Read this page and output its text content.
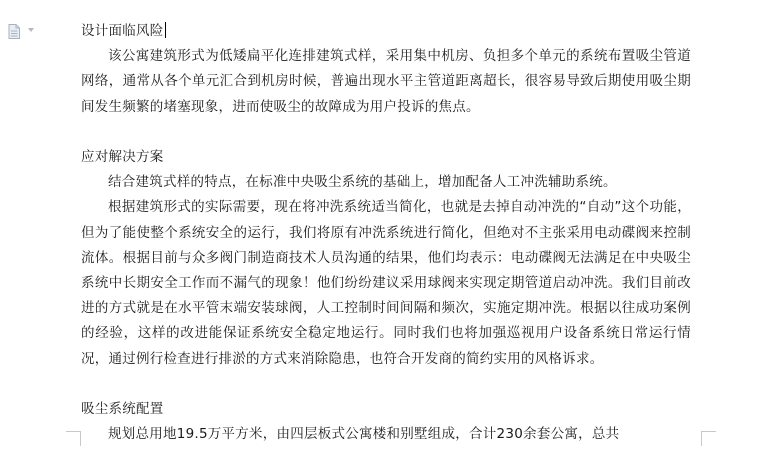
设计面临风险

该公寓建筑形式为低矮扁平化连排建筑式样，采用集中机房、负担多个单元的系统布置吸尘管道网络，通常从各个单元汇合到机房时候，普遍出现水平主管道距离超长，很容易导致后期使用吸尘期间发生频繁的堵塞现象，进而使吸尘的故障成为用户投诉的焦点。

应对解决方案

结合建筑式样的特点，在标准中央吸尘系统的基础上，增加配备人工冲洗辅助系统。

根据建筑形式的实际需要，现在将冲洗系统适当简化，也就是去掉自动冲洗的“自动”这个功能，但为了能使整个系统安全的运行，我们将原有冲洗系统进行简化，但绝对不主张采用电动碟阀来控制流体。根据目前与众多阀门制造商技术人员沟通的结果，他们均表示：电动碟阀无法满足在中央吸尘系统中长期安全工作而不漏气的现象！他们纷纷建议采用球阀来实现定期管道启动冲洗。我们目前改进的方式就是在水平管末端安装球阀，人工控制时间间隔和频次，实施定期冲洗。根据以往成功案例的经验，这样的改进能保证系统安全稳定地运行。同时我们也将加强巡视用户设备系统日常运行情况，通过例行检查进行排淤的方式来消除隐患，也符合开发商的简约实用的风格诉求。

吸尘系统配置

规划总用地19.5万平方米，由四层板式公寓楼和别墅组成，合计230余套公寓，总共
